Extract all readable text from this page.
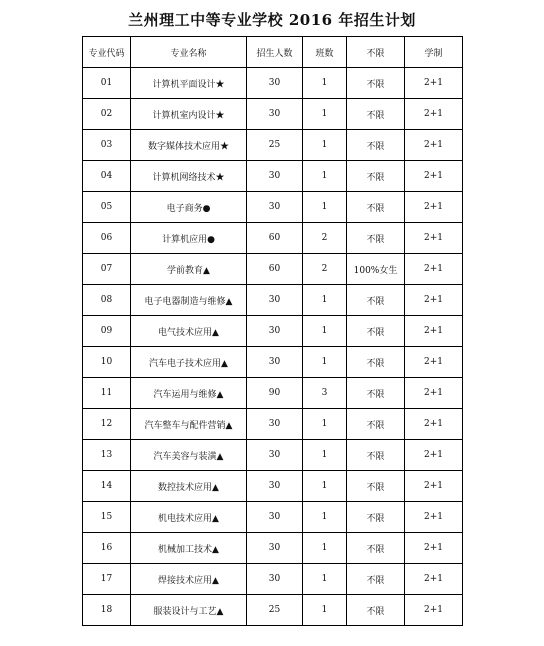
兰州理工中等专业学校 2016 年招生计划
专业代码	专业名称	招生人数	班数	不限	学制
01	计算机平面设计★	30	1	不限	2+1
02	计算机室内设计★	30	1	不限	2+1
03	数字媒体技术应用★	25	1	不限	2+1
04	计算机网络技术★	30	1	不限	2+1
05	电子商务●	30	1	不限	2+1
06	计算机应用●	60	2	不限	2+1
07	学前教育▲	60	2	100%女生	2+1
08	电子电器制造与维修▲	30	1	不限	2+1
09	电气技术应用▲	30	1	不限	2+1
10	汽车电子技术应用▲	30	1	不限	2+1
11	汽车运用与维修▲	90	3	不限	2+1
12	汽车整车与配件营销▲	30	1	不限	2+1
13	汽车美容与装潢▲	30	1	不限	2+1
14	数控技术应用▲	30	1	不限	2+1
15	机电技术应用▲	30	1	不限	2+1
16	机械加工技术▲	30	1	不限	2+1
17	焊接技术应用▲	30	1	不限	2+1
18	服装设计与工艺▲	25	1	不限	2+1
